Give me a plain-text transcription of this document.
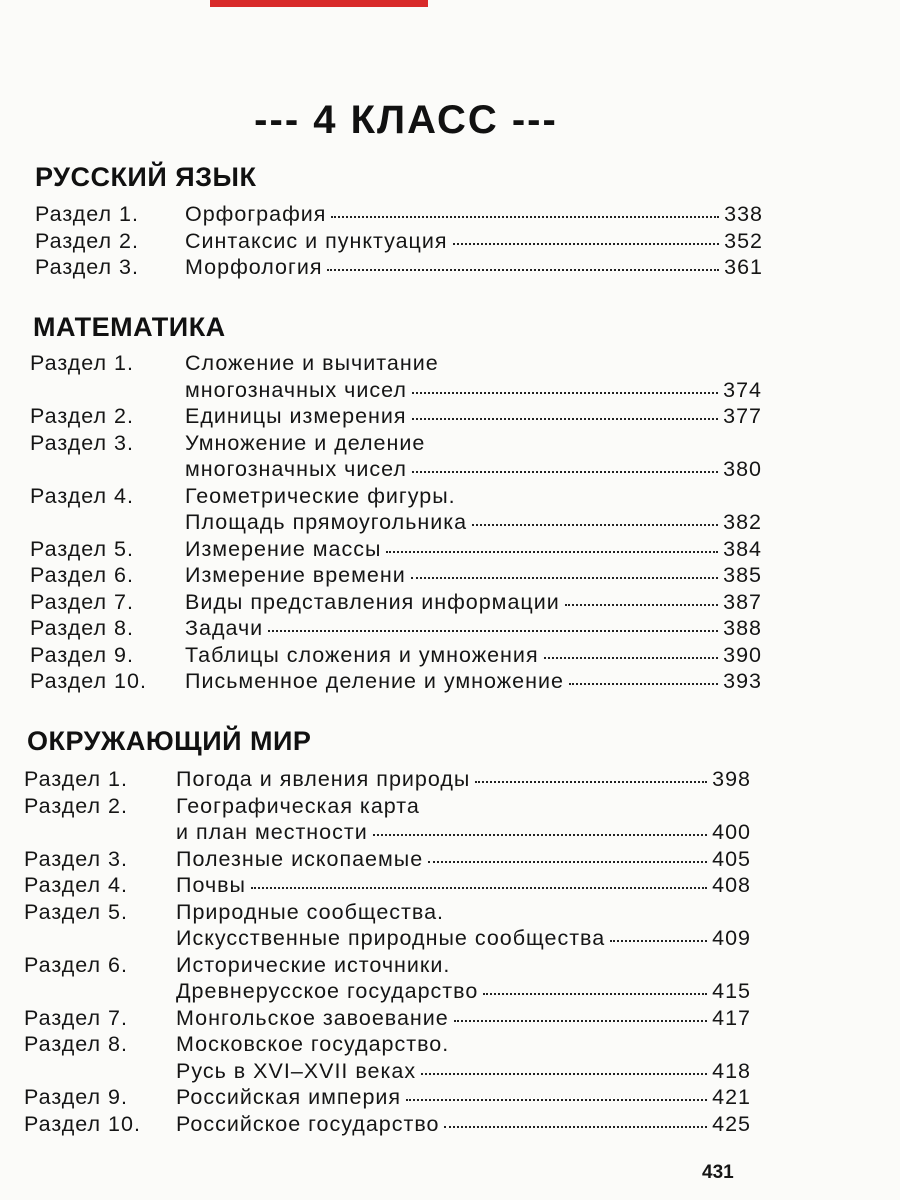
--- 4 КЛАСС ---
РУССКИЙ ЯЗЫК
Раздел 1.	Орфография	338
Раздел 2.	Синтаксис и пунктуация	352
Раздел 3.	Морфология	361
МАТЕМАТИКА
Раздел 1.	Сложение и вычитание
многозначных чисел	374
Раздел 2.	Единицы измерения	377
Раздел 3.	Умножение и деление
многозначных чисел	380
Раздел 4.	Геометрические фигуры.
Площадь прямоугольника	382
Раздел 5.	Измерение массы	384
Раздел 6.	Измерение времени	385
Раздел 7.	Виды представления информации	387
Раздел 8.	Задачи	388
Раздел 9.	Таблицы сложения и умножения	390
Раздел 10.	Письменное деление и умножение	393
ОКРУЖАЮЩИЙ МИР
Раздел 1.	Погода и явления природы	398
Раздел 2.	Географическая карта
и план местности	400
Раздел 3.	Полезные ископаемые	405
Раздел 4.	Почвы	408
Раздел 5.	Природные сообщества.
Искусственные природные сообщества	409
Раздел 6.	Исторические источники.
Древнерусское государство	415
Раздел 7.	Монгольское завоевание	417
Раздел 8.	Московское государство.
Русь в XVI–XVII веках	418
Раздел 9.	Российская империя	421
Раздел 10.	Российское государство	425
431
